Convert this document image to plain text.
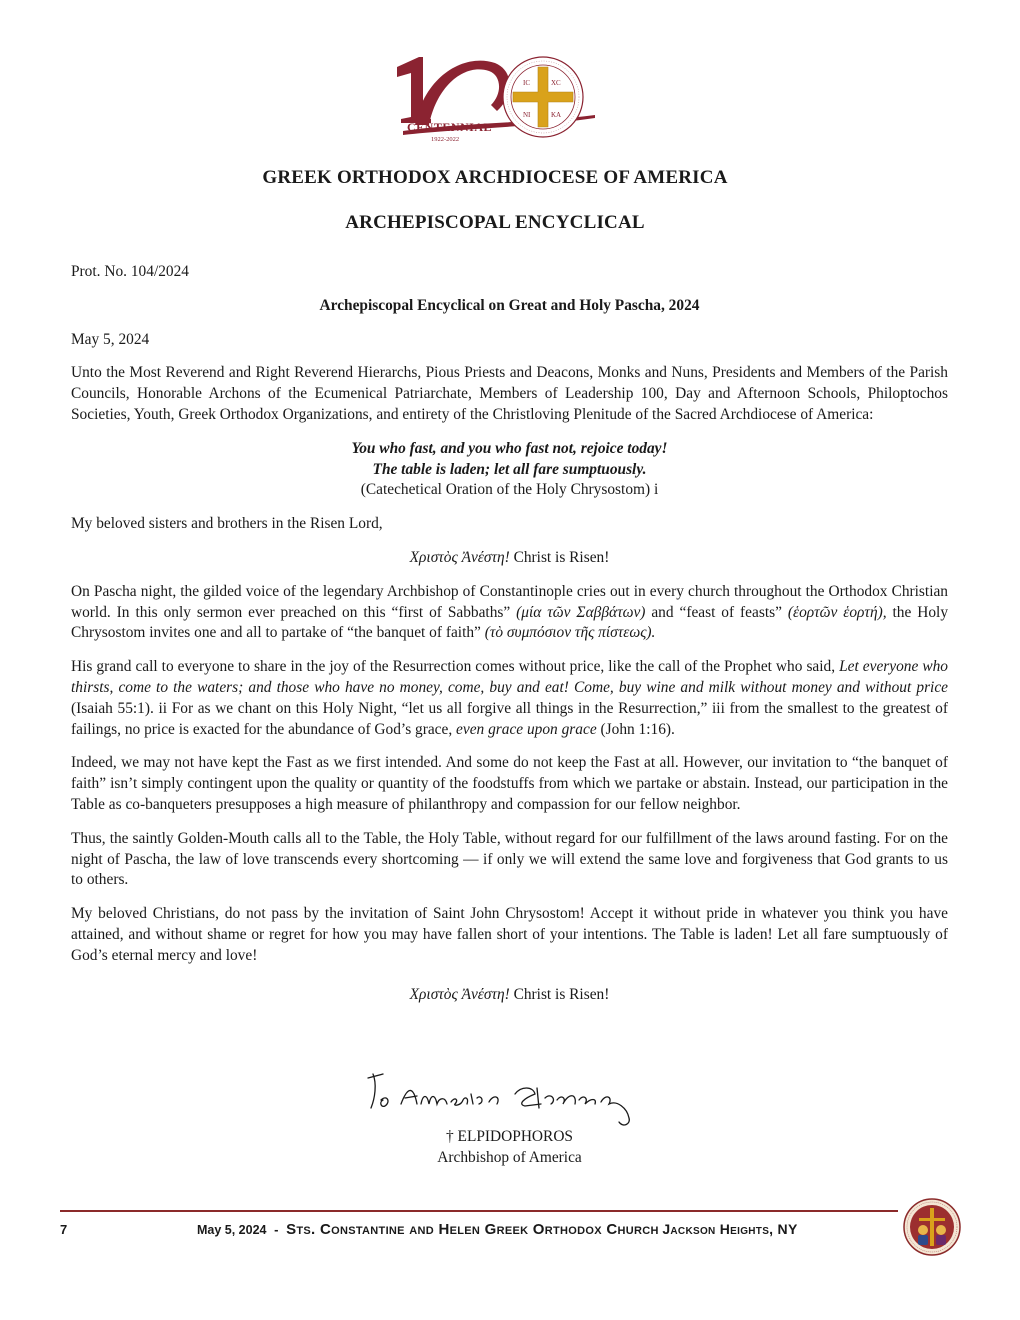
CENTENNIAL
1922-2022
IC	XC
NI	KA
GREEK ORTHODOX ARCHDIOCESE OF AMERICA
ARCHEPISCOPAL ENCYCLICAL

Prot. No. 104/2024

Archepiscopal Encyclical on Great and Holy Pascha, 2024

May 5, 2024

Unto the Most Reverend and Right Reverend Hierarchs, Pious Priests and Deacons, Monks and Nuns, Presidents and Members of the Parish Councils, Honorable Archons of the Ecumenical Patriarchate, Members of Leadership 100, Day and Afternoon Schools, Philoptochos Societies, Youth, Greek Orthodox Organizations, and entirety of the Christloving Plenitude of the Sacred Archdiocese of America:

You who fast, and you who fast not, rejoice today!
The table is laden; let all fare sumptuously.
(Catechetical Oration of the Holy Chrysostom) i

My beloved sisters and brothers in the Risen Lord,

Χριστὸς Ἀνέστη! Christ is Risen!

On Pascha night, the gilded voice of the legendary Archbishop of Constantinople cries out in every church throughout the Orthodox Christian world. In this only sermon ever preached on this “first of Sabbaths” (μία τῶν Σαββάτων) and “feast of feasts” (ἑορτῶν ἑορτή), the Holy Chrysostom invites one and all to partake of “the banquet of faith” (τὸ συμπόσιον τῆς πίστεως).

His grand call to everyone to share in the joy of the Resurrection comes without price, like the call of the Prophet who said, Let everyone who thirsts, come to the waters; and those who have no money, come, buy and eat! Come, buy wine and milk without money and without price (Isaiah 55:1). ii For as we chant on this Holy Night, “let us all forgive all things in the Resurrection,” iii from the smallest to the greatest of failings, no price is exacted for the abundance of God’s grace, even grace upon grace (John 1:16).

Indeed, we may not have kept the Fast as we first intended. And some do not keep the Fast at all. However, our invitation to “the banquet of faith” isn’t simply contingent upon the quality or quantity of the foodstuffs from which we partake or abstain. Instead, our participation in the Table as co-banqueters presupposes a high measure of philanthropy and compassion for our fellow neighbor.

Thus, the saintly Golden-Mouth calls all to the Table, the Holy Table, without regard for our fulfillment of the laws around fasting. For on the night of Pascha, the law of love transcends every shortcoming — if only we will extend the same love and forgiveness that God grants to us to others.

My beloved Christians, do not pass by the invitation of Saint John Chrysostom! Accept it without pride in whatever you think you have attained, and without shame or regret for how you may have fallen short of your intentions. The Table is laden! Let all fare sumptuously of God’s eternal mercy and love!

Χριστὸς Ἀνέστη! Christ is Risen!

† ELPIDOPHOROS
Archbishop of America
7	May 5, 2024 - Sts. Constantine and Helen Greek Orthodox Church Jackson Heights, NY
